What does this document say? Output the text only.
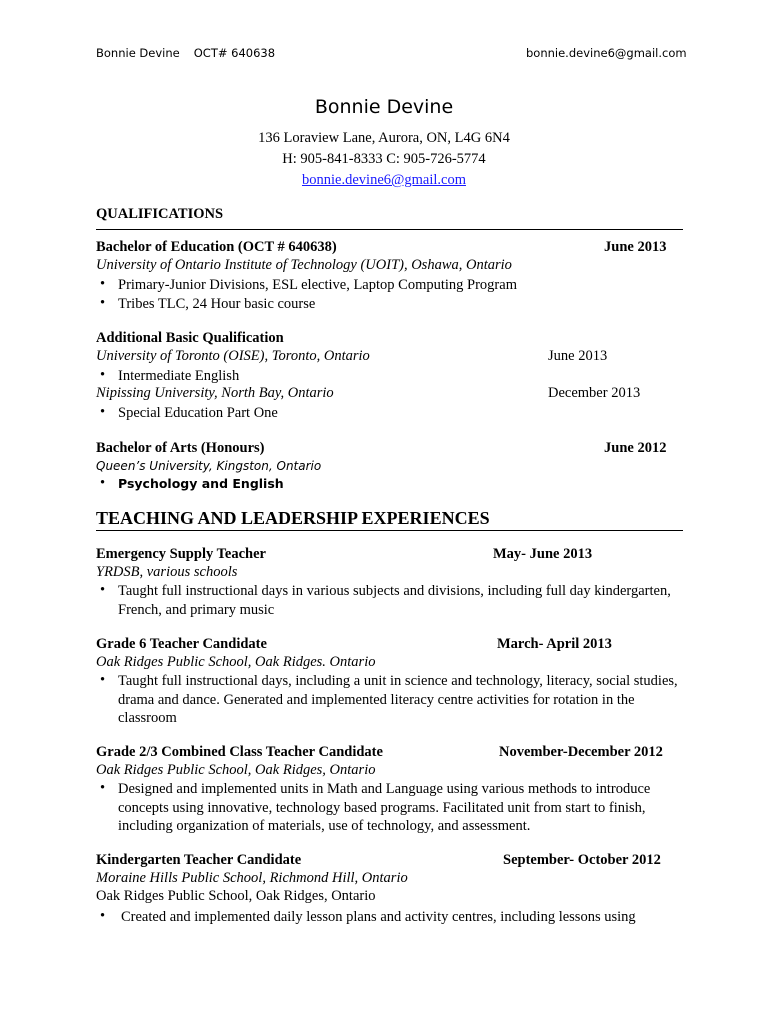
Bonnie Devine OCT# 640638	bonnie.devine6@gmail.com
Bonnie Devine
136 Loraview Lane, Aurora, ON, L4G 6N4
H: 905-841-8333 C: 905-726-5774
bonnie.devine6@gmail.com
QUALIFICATIONS
Bachelor of Education (OCT # 640638)	June 2013
University of Ontario Institute of Technology (UOIT), Oshawa, Ontario
• Primary-Junior Divisions, ESL elective, Laptop Computing Program
• Tribes TLC, 24 Hour basic course
Additional Basic Qualification
University of Toronto (OISE), Toronto, Ontario	June 2013
• Intermediate English
Nipissing University, North Bay, Ontario	December 2013
• Special Education Part One
Bachelor of Arts (Honours)	June 2012
Queen’s University, Kingston, Ontario
• Psychology and English
TEACHING AND LEADERSHIP EXPERIENCES
Emergency Supply Teacher	May- June 2013
YRDSB, various schools
• Taught full instructional days in various subjects and divisions, including full day kindergarten, French, and primary music
Grade 6 Teacher Candidate	March- April 2013
Oak Ridges Public School, Oak Ridges. Ontario
• Taught full instructional days, including a unit in science and technology, literacy, social studies, drama and dance. Generated and implemented literacy centre activities for rotation in the classroom
Grade 2/3 Combined Class Teacher Candidate	November-December 2012
Oak Ridges Public School, Oak Ridges, Ontario
• Designed and implemented units in Math and Language using various methods to introduce concepts using innovative, technology based programs. Facilitated unit from start to finish, including organization of materials, use of technology, and assessment.
Kindergarten Teacher Candidate	September- October 2012
Moraine Hills Public School, Richmond Hill, Ontario
Oak Ridges Public School, Oak Ridges, Ontario
• Created and implemented daily lesson plans and activity centres, including lessons using
